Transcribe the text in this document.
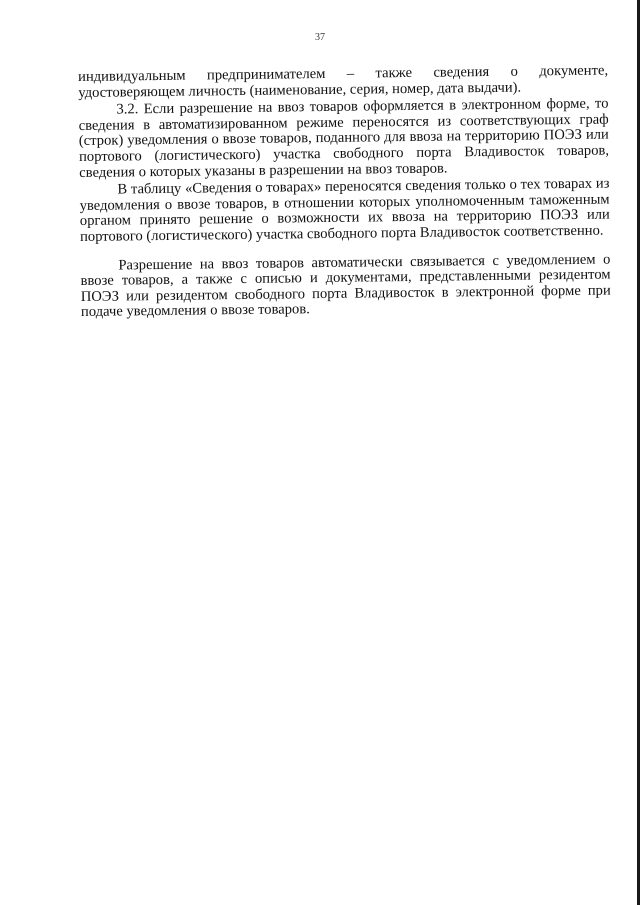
37

индивидуальным предпринимателем – также сведения о документе, удостоверяющем личность (наименование, серия, номер, дата выдачи).

3.2. Если разрешение на ввоз товаров оформляется в электронном форме, то сведения в автоматизированном режиме переносятся из соответствующих граф (строк) уведомления о ввозе товаров, поданного для ввоза на территорию ПОЭЗ или портового (логистического) участка свободного порта Владивосток товаров, сведения о которых указаны в разрешении на ввоз товаров.

В таблицу «Сведения о товарах» переносятся сведения только о тех товарах из уведомления о ввозе товаров, в отношении которых уполномоченным таможенным органом принято решение о возможности их ввоза на территорию ПОЭЗ или портового (логистического) участка свободного порта Владивосток соответственно.

Разрешение на ввоз товаров автоматически связывается с уведомлением о ввозе товаров, а также с описью и документами, представленными резидентом ПОЭЗ или резидентом свободного порта Владивосток в электронной форме при подаче уведомления о ввозе товаров.
